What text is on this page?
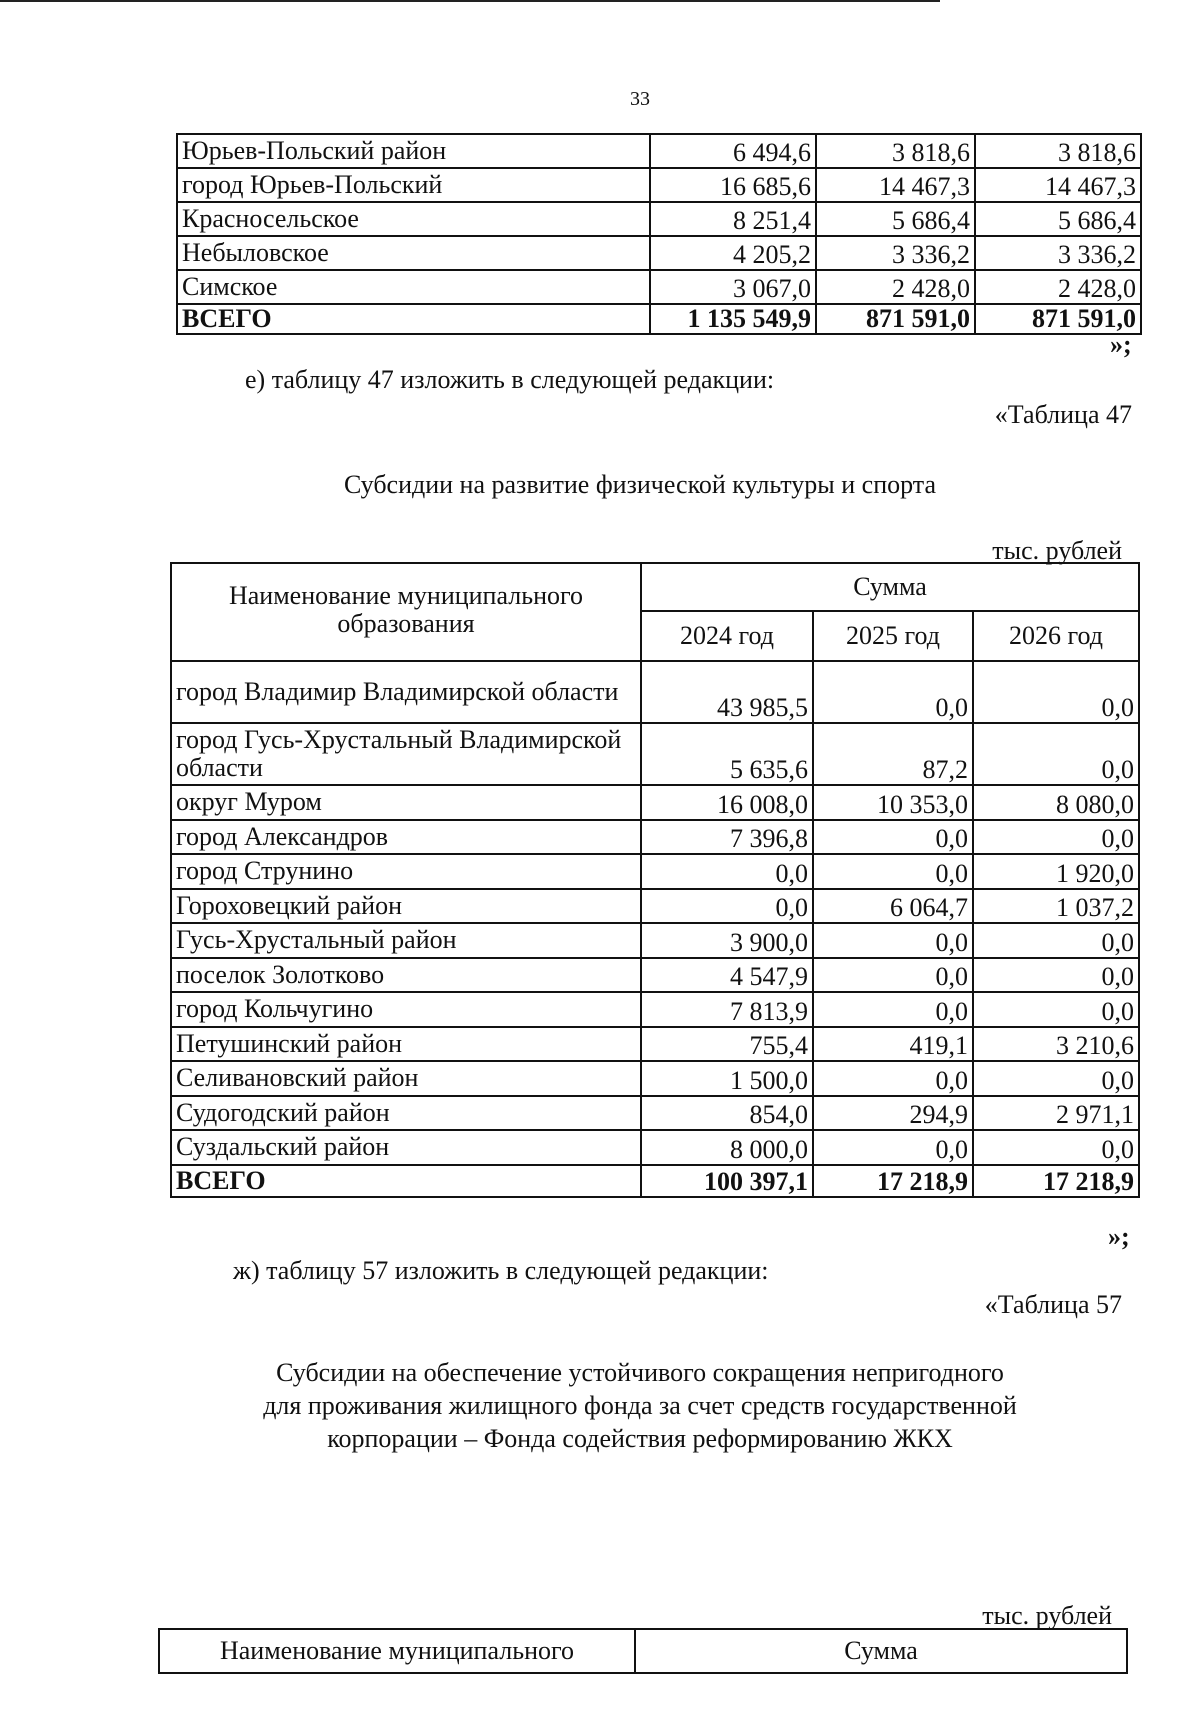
33
Юрьев-Польский район	6 494,6	3 818,6	3 818,6
город Юрьев-Польский	16 685,6	14 467,3	14 467,3
Красносельское	8 251,4	5 686,4	5 686,4
Небыловское	4 205,2	3 336,2	3 336,2
Симское	3 067,0	2 428,0	2 428,0
ВСЕГО	1 135 549,9	871 591,0	871 591,0
»;
е) таблицу 47 изложить в следующей редакции:
«Таблица 47
Субсидии на развитие физической культуры и спорта
тыс. рублей
Наименование муниципального образования	Сумма		
	2024 год	2025 год	2026 год
город Владимир Владимирской области	43 985,5	0,0	0,0
город Гусь-Хрустальный Владимирской области	5 635,6	87,2	0,0
округ Муром	16 008,0	10 353,0	8 080,0
город Александров	7 396,8	0,0	0,0
город Струнино	0,0	0,0	1 920,0
Гороховецкий район	0,0	6 064,7	1 037,2
Гусь-Хрустальный район	3 900,0	0,0	0,0
поселок Золотково	4 547,9	0,0	0,0
город Кольчугино	7 813,9	0,0	0,0
Петушинский район	755,4	419,1	3 210,6
Селивановский район	1 500,0	0,0	0,0
Судогодский район	854,0	294,9	2 971,1
Суздальский район	8 000,0	0,0	0,0
ВСЕГО	100 397,1	17 218,9	17 218,9
»;
ж) таблицу 57 изложить в следующей редакции:
«Таблица 57
Субсидии на обеспечение устойчивого сокращения непригодного
для проживания жилищного фонда за счет средств государственной
корпорации – Фонда содействия реформированию ЖКХ
тыс. рублей
Наименование муниципального	Сумма
